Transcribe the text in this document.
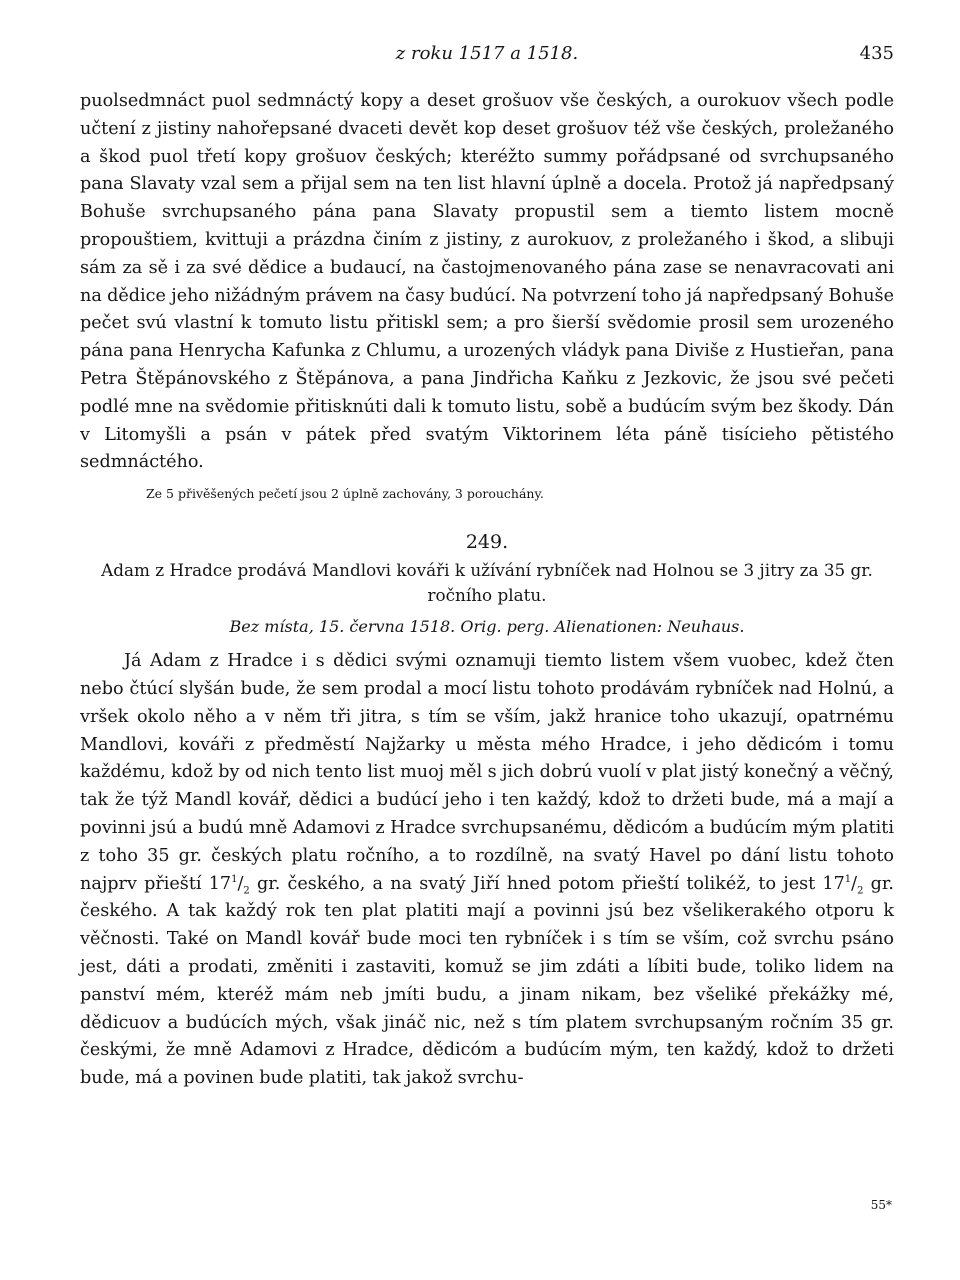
z roku 1517 a 1518.	435

puolsedmnáct puol sedmnáctý kopy a deset grošuov vše českých, a ourokuov všech podle učtení z jistiny nahořepsané dvaceti devět kop deset grošuov též vše českých, proležaného a škod puol třetí kopy grošuov českých; kteréžto summy pořádpsané od svrchupsaného pana Slavaty vzal sem a přijal sem na ten list hlavní úplně a docela. Protož já napředpsaný Bohuše svrchupsaného pána pana Slavaty propustil sem a tiemto listem mocně propouštiem, kvittuji a prázdna činím z jistiny, z aurokuov, z proležaného i škod, a slibuji sám za sě i za své dědice a budaucí, na častojmenovaného pána zase se nenavracovati ani na dědice jeho nižádným právem na časy budúcí. Na potvrzení toho já napředpsaný Bohuše pečet svú vlastní k tomuto listu přitiskl sem; a pro šierší svědomie prosil sem urozeného pána pana Henrycha Kafunka z Chlumu, a urozených vládyk pana Diviše z Hustieřan, pana Petra Štěpánovského z Štěpánova, a pana Jindřicha Kaňku z Jezkovic, že jsou své pečeti podlé mne na svědomie přitisknúti dali k tomuto listu, sobě a budúcím svým bez škody. Dán v Litomyšli a psán v pátek před svatým Viktorinem léta páně tisícieho pětistého sedmnáctého.

Ze 5 přivěšených pečetí jsou 2 úplně zachovány, 3 porouchány.

249.
Adam z Hradce prodává Mandlovi kováři k užívání rybníček nad Holnou se 3 jitry za 35 gr. ročního platu.
Bez místa, 15. června 1518. Orig. perg. Alienationen: Neuhaus.

Já Adam z Hradce i s dědici svými oznamuji tiemto listem všem vuobec, kdež čten nebo čtúcí slyšán bude, že sem prodal a mocí listu tohoto prodávám rybníček nad Holnú, a vršek okolo něho a v něm tři jitra, s tím se vším, jakž hranice toho ukazují, opatrnému Mandlovi, kováři z předměstí Najžarky u města mého Hradce, i jeho dědicóm i tomu každému, kdož by od nich tento list muoj měl s jich dobrú vuolí v plat jistý konečný a věčný, tak že týž Mandl kovář, dědici a budúcí jeho i ten každý, kdož to držeti bude, má a mají a povinni jsú a budú mně Adamovi z Hradce svrchupsanému, dědicóm a budúcím mým platiti z toho 35 gr. českých platu ročního, a to rozdílně, na svatý Havel po dání listu tohoto najprv přieští $17^1/_2$ gr. českého, a na svatý Jiří hned potom přieští tolikéž, to jest $17^1/_2$ gr. českého. A tak každý rok ten plat platiti mají a povinni jsú bez všelikerakého otporu k věčnosti. Také on Mandl kovář bude moci ten rybníček i s tím se vším, což svrchu psáno jest, dáti a prodati, změniti i zastaviti, komuž se jim zdáti a líbiti bude, toliko lidem na panství mém, kteréž mám neb jmíti budu, a jinam nikam, bez všeliké překážky mé, dědicuov a budúcích mých, však jináč nic, než s tím platem svrchupsaným ročním 35 gr. českými, že mně Adamovi z Hradce, dědicóm a budúcím mým, ten každý, kdož to držeti bude, má a povinen bude platiti, tak jakož svrchu-

55*
